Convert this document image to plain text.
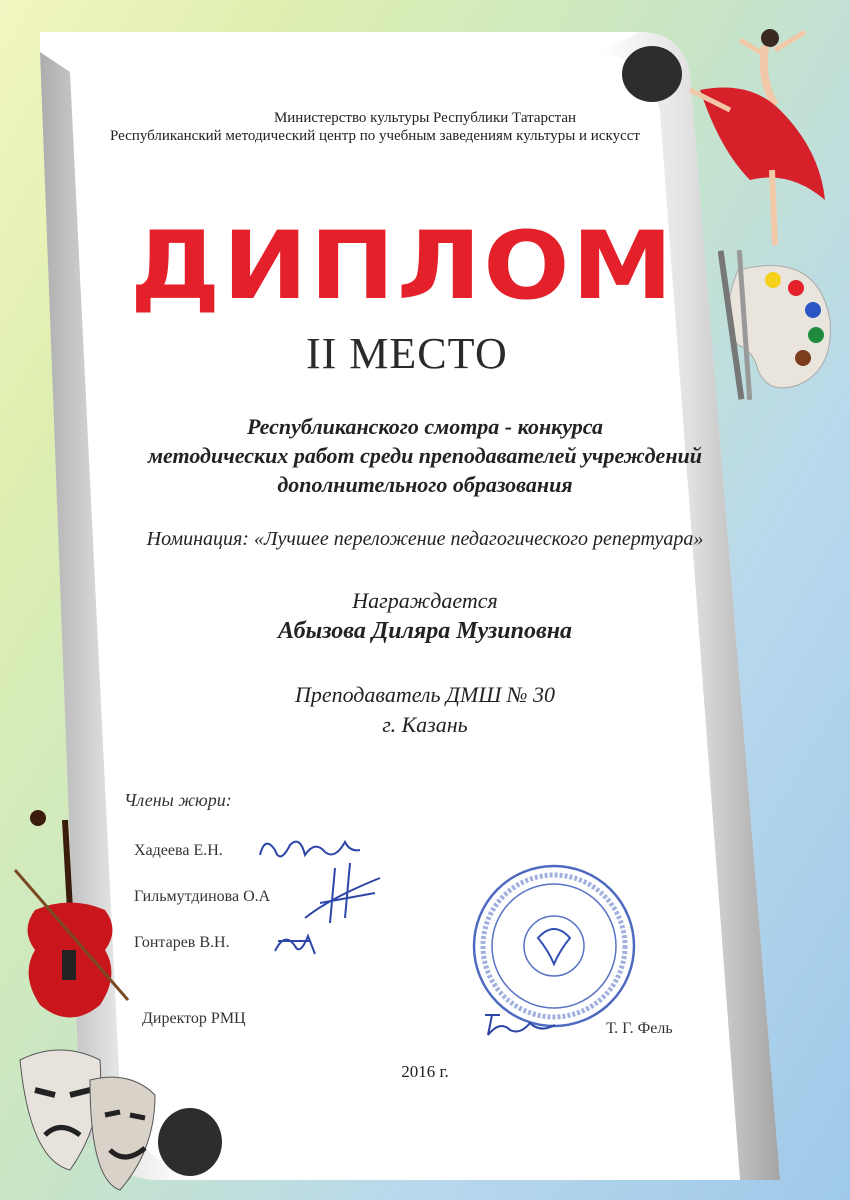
Министерство культуры Республики Татарстан
Республиканский методический центр по учебным заведениям культуры и искусст
ДИПЛОМ
II МЕСТО
Республиканского смотра - конкурса
методических работ среди преподавателей учреждений
дополнительного образования
Номинация: «Лучшее переложение педагогического репертуара»
Награждается
Абызова Диляра Музиповна
Преподаватель ДМШ № 30
г. Казань
Члены жюри:
Хадеева Е.Н.
Гильмутдинова О.А
Гонтарев В.Н.
Директор РМЦ
Т. Г. Фель
2016 г.
